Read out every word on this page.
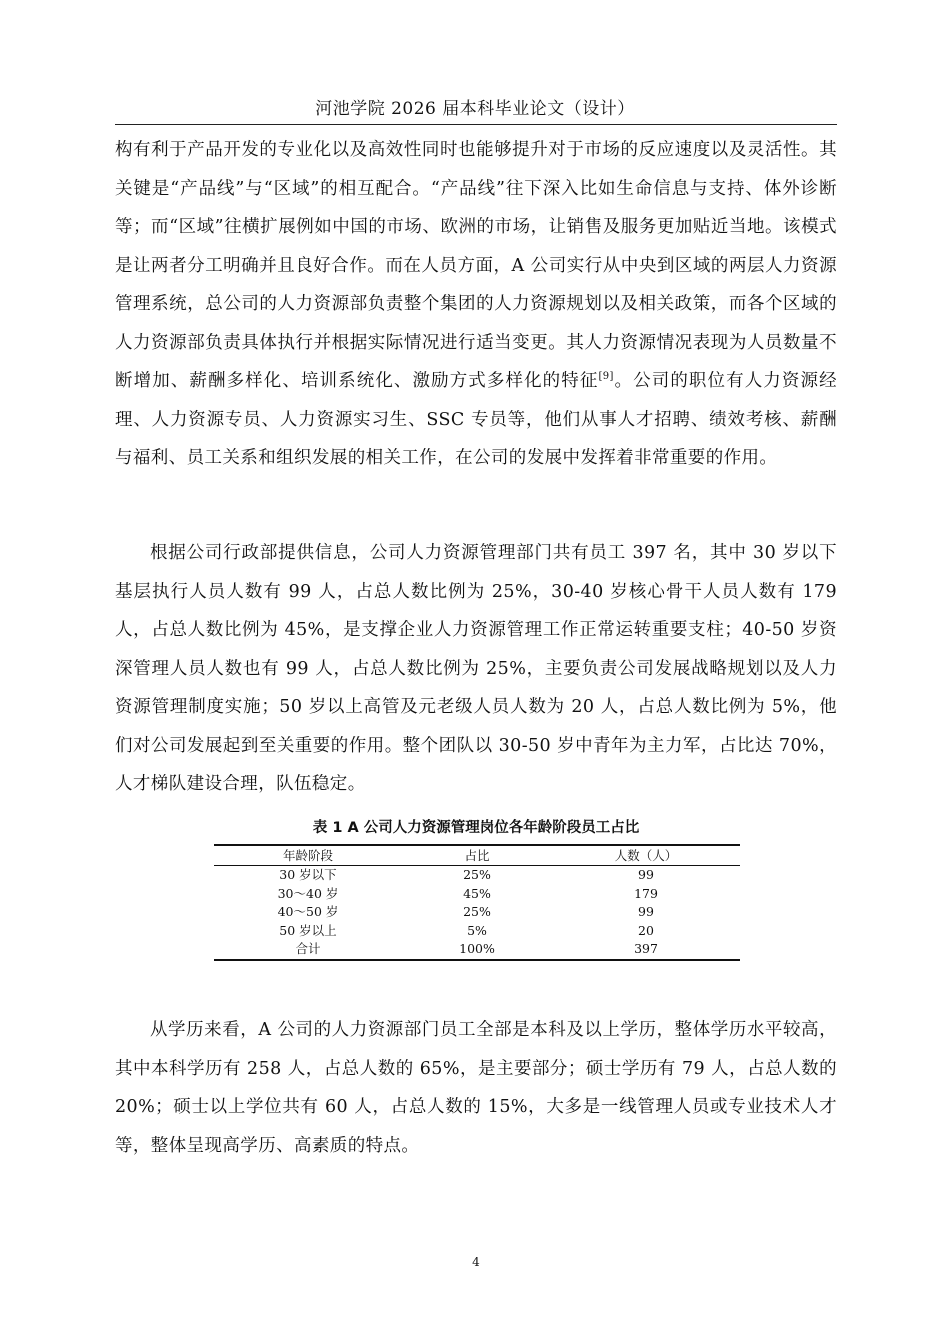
河池学院 2026 届本科毕业论文（设计）

构有利于产品开发的专业化以及高效性同时也能够提升对于市场的反应速度以及灵活性。其关键是“产品线”与“区域”的相互配合。“产品线”往下深入比如生命信息与支持、体外诊断等；而“区域”往横扩展例如中国的市场、欧洲的市场，让销售及服务更加贴近当地。该模式是让两者分工明确并且良好合作。而在人员方面，A 公司实行从中央到区域的两层人力资源管理系统，总公司的人力资源部负责整个集团的人力资源规划以及相关政策，而各个区域的人力资源部负责具体执行并根据实际情况进行适当变更。其人力资源情况表现为人员数量不断增加、薪酬多样化、培训系统化、激励方式多样化的特征[9]。公司的职位有人力资源经理、人力资源专员、人力资源实习生、SSC 专员等，他们从事人才招聘、绩效考核、薪酬与福利、员工关系和组织发展的相关工作，在公司的发展中发挥着非常重要的作用。

根据公司行政部提供信息，公司人力资源管理部门共有员工 397 名，其中 30 岁以下基层执行人员人数有 99 人，占总人数比例为 25%，30-40 岁核心骨干人员人数有 179 人，占总人数比例为 45%，是支撑企业人力资源管理工作正常运转重要支柱；40-50 岁资深管理人员人数也有 99 人，占总人数比例为 25%，主要负责公司发展战略规划以及人力资源管理制度实施；50 岁以上高管及元老级人员人数为 20 人，占总人数比例为 5%，他们对公司发展起到至关重要的作用。整个团队以 30-50 岁中青年为主力军，占比达 70%，人才梯队建设合理，队伍稳定。

表 1 A 公司人力资源管理岗位各年龄阶段员工占比
年龄阶段	占比	人数（人）
30 岁以下	25%	99
30～40 岁	45%	179
40～50 岁	25%	99
50 岁以上	5%	20
合计	100%	397

从学历来看，A 公司的人力资源部门员工全部是本科及以上学历，整体学历水平较高，其中本科学历有 258 人，占总人数的 65%，是主要部分；硕士学历有 79 人，占总人数的 20%；硕士以上学位共有 60 人，占总人数的 15%，大多是一线管理人员或专业技术人才等，整体呈现高学历、高素质的特点。

4
